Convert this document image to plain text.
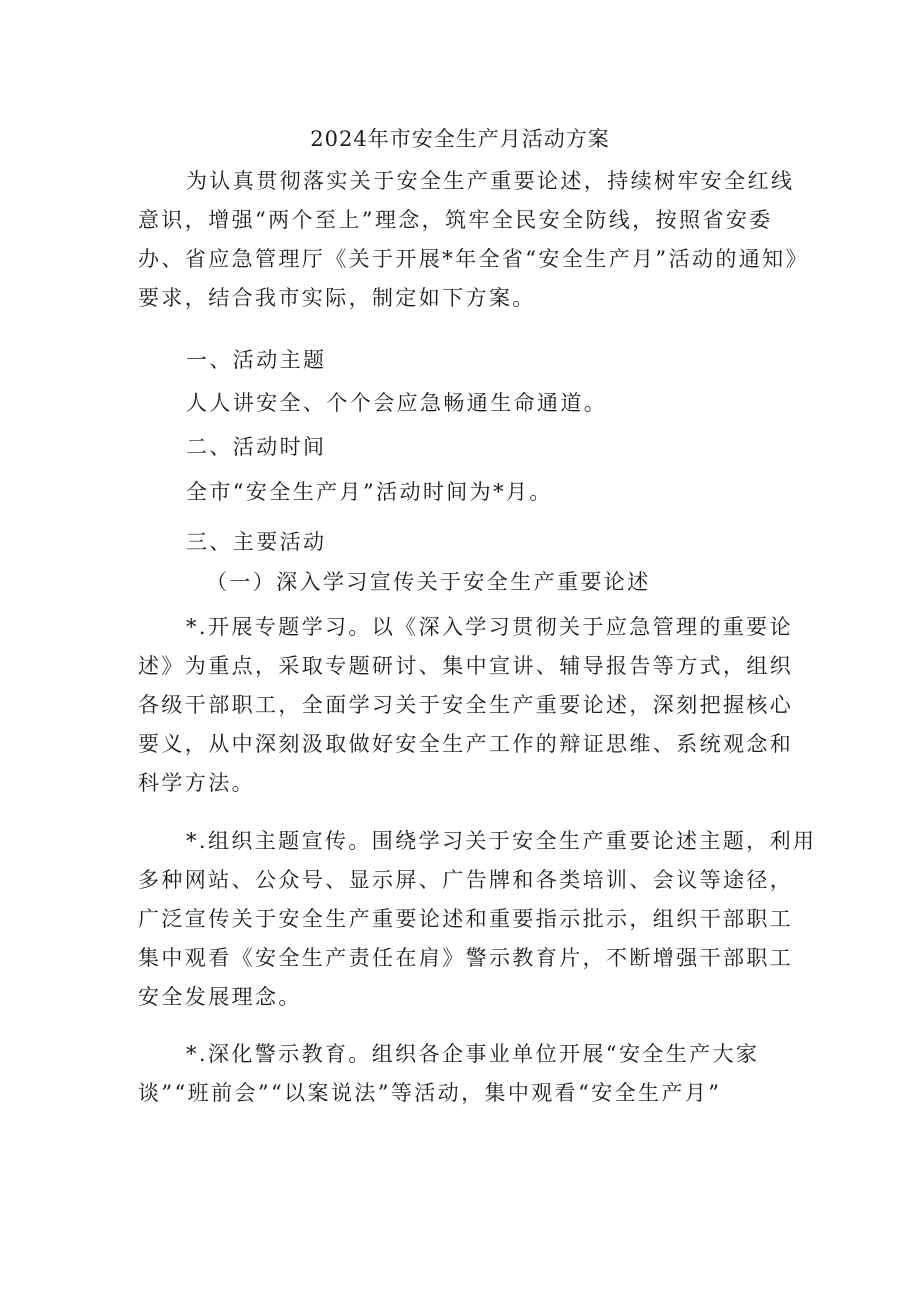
2024年市安全生产月活动方案
为认真贯彻落实关于安全生产重要论述，持续树牢安全红线
意识，增强“两个至上”理念，筑牢全民安全防线，按照省安委
办、省应急管理厅《关于开展*年全省“安全生产月”活动的通知》
要求，结合我市实际，制定如下方案。
一、活动主题
人人讲安全、个个会应急畅通生命通道。
二、活动时间
全市“安全生产月”活动时间为*月。
三、主要活动
（一）深入学习宣传关于安全生产重要论述
*.开展专题学习。以《深入学习贯彻关于应急管理的重要论
述》为重点，采取专题研讨、集中宣讲、辅导报告等方式，组织
各级干部职工，全面学习关于安全生产重要论述，深刻把握核心
要义，从中深刻汲取做好安全生产工作的辩证思维、系统观念和
科学方法。
*.组织主题宣传。围绕学习关于安全生产重要论述主题，利用
多种网站、公众号、显示屏、广告牌和各类培训、会议等途径，
广泛宣传关于安全生产重要论述和重要指示批示，组织干部职工
集中观看《安全生产责任在肩》警示教育片，不断增强干部职工
安全发展理念。
*.深化警示教育。组织各企事业单位开展“安全生产大家
谈”“班前会”“以案说法”等活动，集中观看“安全生产月”
